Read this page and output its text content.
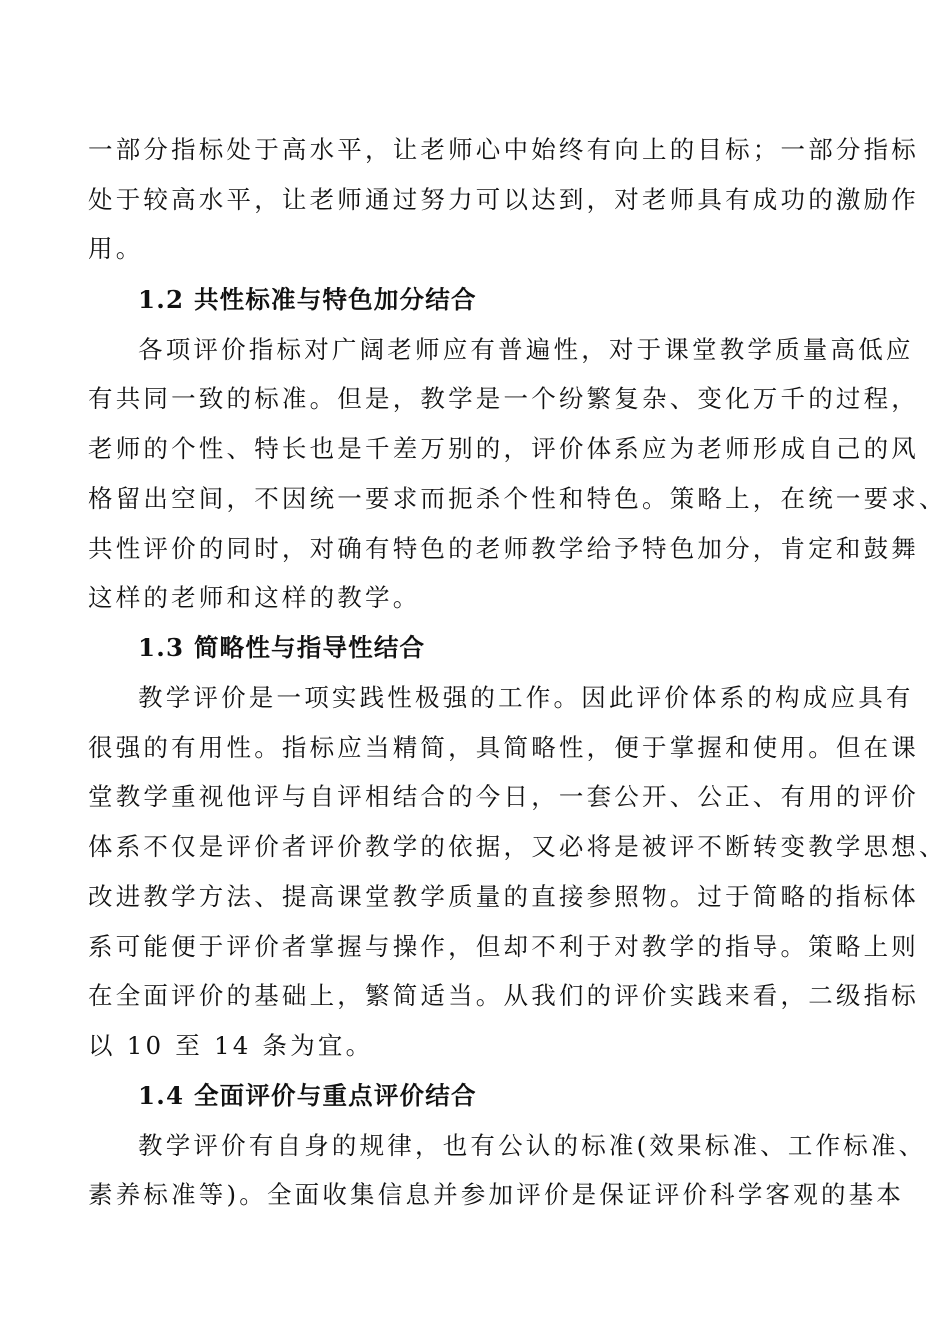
一部分指标处于高水平，让老师心中始终有向上的目标；一部分指标
处于较高水平，让老师通过努力可以达到，对老师具有成功的激励作
用。
1.2 共性标准与特色加分结合
各项评价指标对广阔老师应有普遍性，对于课堂教学质量高低应
有共同一致的标准。但是，教学是一个纷繁复杂、变化万千的过程，
老师的个性、特长也是千差万别的，评价体系应为老师形成自己的风
格留出空间，不因统一要求而扼杀个性和特色。策略上，在统一要求、
共性评价的同时，对确有特色的老师教学给予特色加分，肯定和鼓舞
这样的老师和这样的教学。
1.3 简略性与指导性结合
教学评价是一项实践性极强的工作。因此评价体系的构成应具有
很强的有用性。指标应当精简，具简略性，便于掌握和使用。但在课
堂教学重视他评与自评相结合的今日，一套公开、公正、有用的评价
体系不仅是评价者评价教学的依据，又必将是被评不断转变教学思想、
改进教学方法、提高课堂教学质量的直接参照物。过于简略的指标体
系可能便于评价者掌握与操作，但却不利于对教学的指导。策略上则
在全面评价的基础上，繁简适当。从我们的评价实践来看，二级指标
以 10 至 14 条为宜。
1.4 全面评价与重点评价结合
教学评价有自身的规律，也有公认的标准(效果标准、工作标准、
素养标准等)。全面收集信息并参加评价是保证评价科学客观的基本
